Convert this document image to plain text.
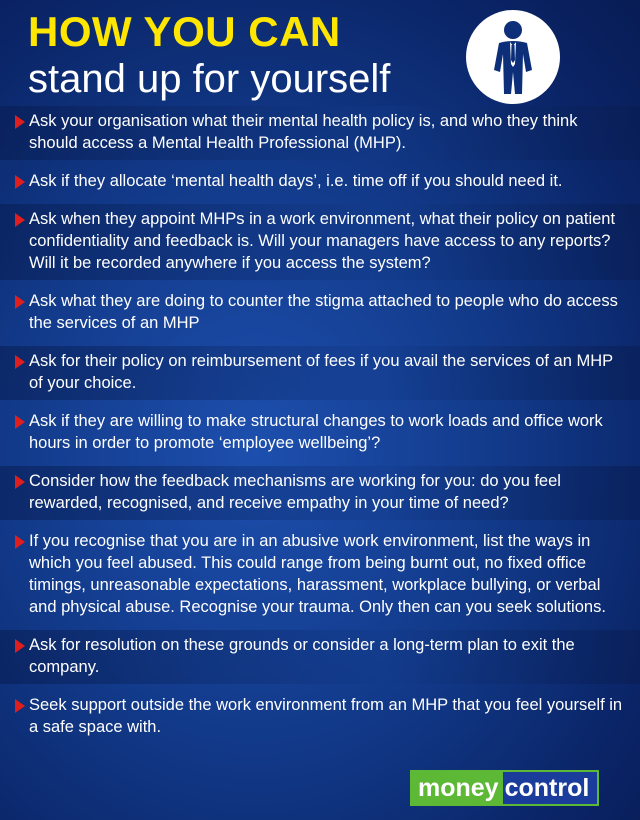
HOW YOU CAN
stand up for yourself
Ask your organisation what their mental health policy is, and who they think should access a Mental Health Professional (MHP).
Ask if they allocate ‘mental health days’, i.e. time off if you should need it.
Ask when they appoint MHPs in a work environment, what their policy on patient confidentiality and feedback is. Will your managers have access to any reports? Will it be recorded anywhere if you access the system?
Ask what they are doing to counter the stigma attached to people who do access the services of an MHP
Ask for their policy on reimbursement of fees if you avail the services of an MHP of your choice.
Ask if they are willing to make structural changes to work loads and office work hours in order to promote ‘employee wellbeing’?
Consider how the feedback mechanisms are working for you: do you feel rewarded, recognised, and receive empathy in your time of need?
If you recognise that you are in an abusive work environment, list the ways in which you feel abused. This could range from being burnt out, no fixed office timings, unreasonable expectations, harassment, workplace bullying, or verbal and physical abuse. Recognise your trauma. Only then can you seek solutions.
Ask for resolution on these grounds or consider a long-term plan to exit the company.
Seek support outside the work environment from an MHP that you feel yourself in a safe space with.
money control
